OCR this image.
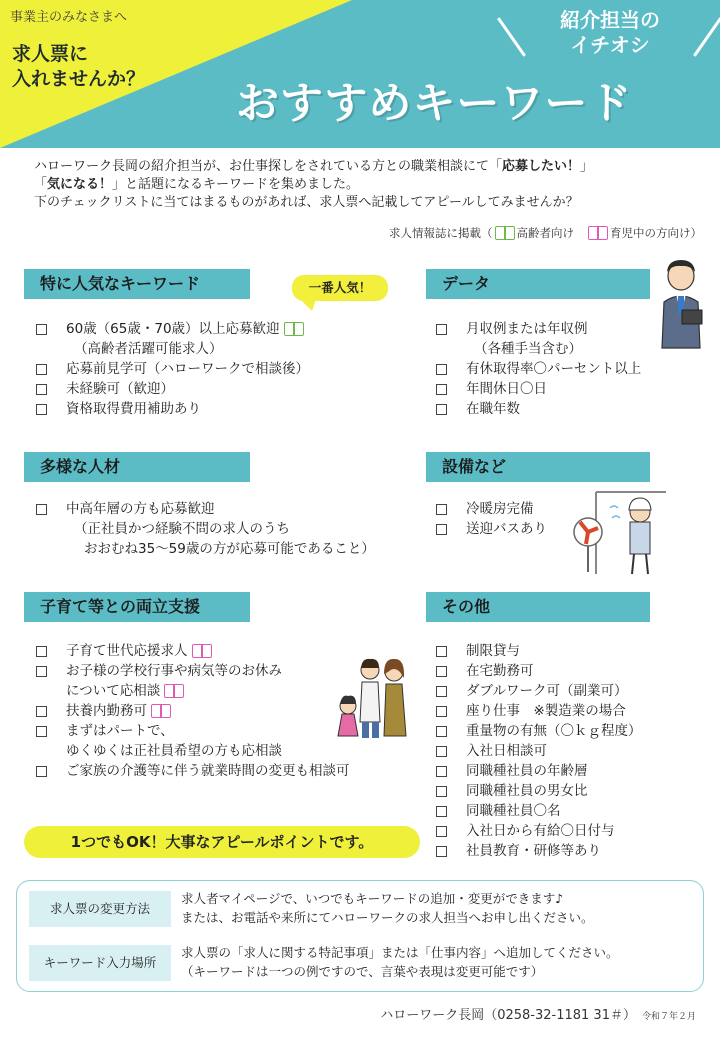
事業主のみなさまへ
求人票に
入れませんか？
紹介担当の
イチオシ
おすすめキーワード
ハローワーク長岡の紹介担当が、お仕事探しをされている方との職業相談にて「応募したい！」
「気になる！」と話題になるキーワードを集めました。
下のチェックリストに当てはまるものがあれば、求人票へ記載してアピールしてみませんか？
求人情報誌に掲載（ 高齢者向け	育児中の方向け）
特に人気なキーワード	一番人気！
60歳（65歳・70歳）以上応募歓迎
（高齢者活躍可能求人）
応募前見学可（ハローワークで相談後）
未経験可（歓迎）
資格取得費用補助あり
データ
月収例または年収例
（各種手当含む）
有休取得率〇パーセント以上
年間休日〇日
在職年数
多様な人材
中高年層の方も応募歓迎
（正社員かつ経験不問の求人のうち
おおむね35～59歳の方が応募可能であること）
設備など
冷暖房完備
送迎バスあり
子育て等との両立支援
子育て世代応援求人
お子様の学校行事や病気等のお休み
について応相談
扶養内勤務可
まずはパートで、
ゆくゆくは正社員希望の方も応相談
ご家族の介護等に伴う就業時間の変更も相談可
その他
制限貸与
在宅勤務可
ダブルワーク可（副業可）
座り仕事　※製造業の場合
重量物の有無（〇ｋｇ程度）
入社日相談可
同職種社員の年齢層
同職種社員の男女比
同職種社員〇名
入社日から有給〇日付与
社員教育・研修等あり
1つでもOK！大事なアピールポイントです。
求人票の変更方法
求人者マイページで、いつでもキーワードの追加・変更ができます♪
または、お電話や来所にてハローワークの求人担当へお申し出ください。
キーワード入力場所
求人票の「求人に関する特記事項」または「仕事内容」へ追加してください。
（キーワードは一つの例ですので、言葉や表現は変更可能です）
ハローワーク長岡（0258-32-1181 31＃） 令和７年２月
